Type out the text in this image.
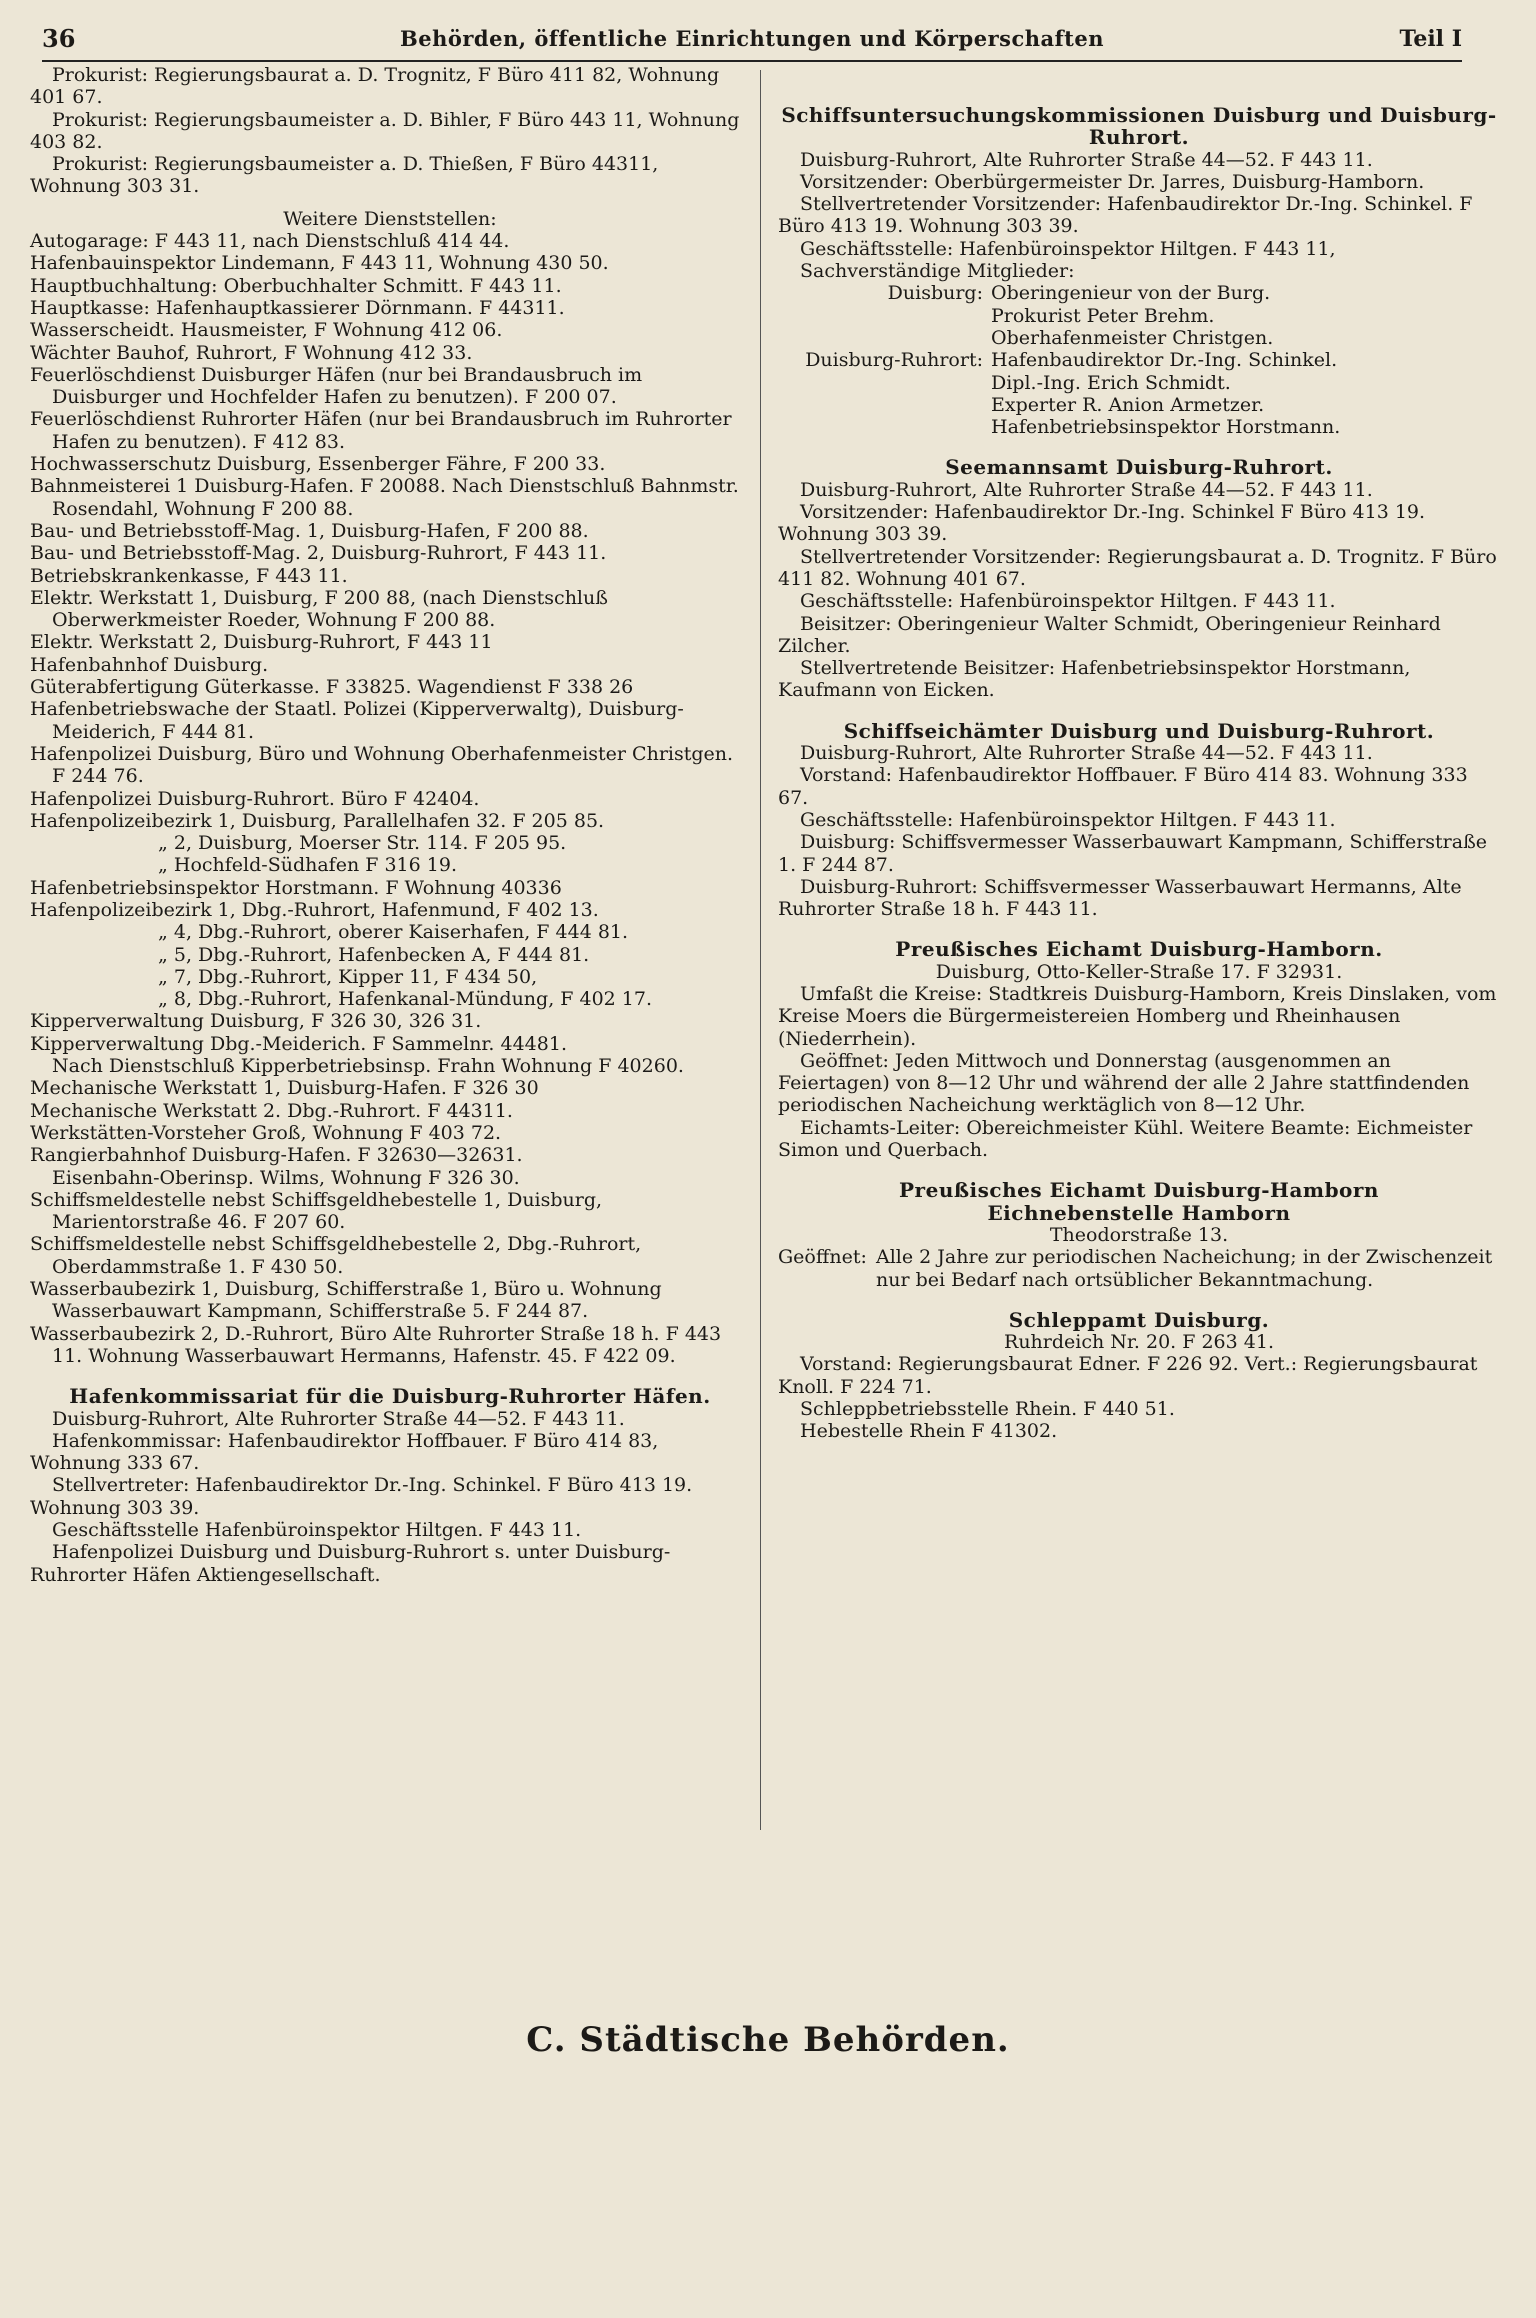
36	Behörden, öffentliche Einrichtungen und Körperschaften	Teil I

Prokurist: Regierungsbaurat a. D. Trognitz, F Büro 411 82, Wohnung 401 67.

Prokurist: Regierungsbaumeister a. D. Bihler, F Büro 443 11, Wohnung 403 82.

Prokurist: Regierungsbaumeister a. D. Thießen, F Büro 44311, Wohnung 303 31.

Weitere Dienststellen:

Autogarage: F 443 11, nach Dienstschluß 414 44.

Hafenbauinspektor Lindemann, F 443 11, Wohnung 430 50.

Hauptbuchhaltung: Oberbuchhalter Schmitt. F 443 11.

Hauptkasse: Hafenhauptkassierer Dörnmann. F 44311.

Wasserscheidt. Hausmeister, F Wohnung 412 06.

Wächter Bauhof, Ruhrort, F Wohnung 412 33.

Feuerlöschdienst Duisburger Häfen (nur bei Brandausbruch im Duisburger und Hochfelder Hafen zu benutzen). F 200 07.

Feuerlöschdienst Ruhrorter Häfen (nur bei Brandausbruch im Ruhrorter Hafen zu benutzen). F 412 83.

Hochwasserschutz Duisburg, Essenberger Fähre, F 200 33.

Bahnmeisterei 1 Duisburg-Hafen. F 20088. Nach Dienstschluß Bahnmstr. Rosendahl, Wohnung F 200 88.

Bau- und Betriebsstoff-Mag. 1, Duisburg-Hafen, F 200 88.

Bau- und Betriebsstoff-Mag. 2, Duisburg-Ruhrort, F 443 11.

Betriebskrankenkasse, F 443 11.

Elektr. Werkstatt 1, Duisburg, F 200 88, (nach Dienstschluß Oberwerkmeister Roeder, Wohnung F 200 88.

Elektr. Werkstatt 2, Duisburg-Ruhrort, F 443 11

Hafenbahnhof Duisburg.

Güterabfertigung Güterkasse. F 33825. Wagendienst F 338 26

Hafenbetriebswache der Staatl. Polizei (Kipperverwaltg), Duisburg-Meiderich, F 444 81.

Hafenpolizei Duisburg, Büro und Wohnung Oberhafenmeister Christgen. F 244 76.

Hafenpolizei Duisburg-Ruhrort. Büro F 42404.

Hafenpolizeibezirk 1, Duisburg, Parallelhafen 32. F 205 85.

„ 2, Duisburg, Moerser Str. 114. F 205 95.

„ Hochfeld-Südhafen F 316 19.

Hafenbetriebsinspektor Horstmann. F Wohnung 40336

Hafenpolizeibezirk 1, Dbg.-Ruhrort, Hafenmund, F 402 13.

„ 4, Dbg.-Ruhrort, oberer Kaiserhafen, F 444 81.

„ 5, Dbg.-Ruhrort, Hafenbecken A, F 444 81.

„ 7, Dbg.-Ruhrort, Kipper 11, F 434 50,

„ 8, Dbg.-Ruhrort, Hafenkanal-Mündung, F 402 17.

Kipperverwaltung Duisburg, F 326 30, 326 31.

Kipperverwaltung Dbg.-Meiderich. F Sammelnr. 44481.

Nach Dienstschluß Kipperbetriebsinsp. Frahn Wohnung F 40260.

Mechanische Werkstatt 1, Duisburg-Hafen. F 326 30

Mechanische Werkstatt 2. Dbg.-Ruhrort. F 44311.

Werkstätten-Vorsteher Groß, Wohnung F 403 72.

Rangierbahnhof Duisburg-Hafen. F 32630—32631.

Eisenbahn-Oberinsp. Wilms, Wohnung F 326 30.

Schiffsmeldestelle nebst Schiffsgeldhebestelle 1, Duisburg, Marientorstraße 46. F 207 60.

Schiffsmeldestelle nebst Schiffsgeldhebestelle 2, Dbg.-Ruhrort, Oberdammstraße 1. F 430 50.

Wasserbaubezirk 1, Duisburg, Schifferstraße 1, Büro u. Wohnung Wasserbauwart Kampmann, Schifferstraße 5. F 244 87.

Wasserbaubezirk 2, D.-Ruhrort, Büro Alte Ruhrorter Straße 18 h. F 443 11. Wohnung Wasserbauwart Hermanns, Hafenstr. 45. F 422 09.

Hafenkommissariat für die Duisburg-Ruhrorter Häfen.

Duisburg-Ruhrort, Alte Ruhrorter Straße 44—52. F 443 11.

Hafenkommissar: Hafenbaudirektor Hoffbauer. F Büro 414 83, Wohnung 333 67.

Stellvertreter: Hafenbaudirektor Dr.-Ing. Schinkel. F Büro 413 19. Wohnung 303 39.

Geschäftsstelle Hafenbüroinspektor Hiltgen. F 443 11.

Hafenpolizei Duisburg und Duisburg-Ruhrort s. unter Duisburg-Ruhrorter Häfen Aktiengesellschaft.

Schiffsuntersuchungskommissionen Duisburg und Duisburg-Ruhrort.

Duisburg-Ruhrort, Alte Ruhrorter Straße 44—52. F 443 11.

Vorsitzender: Oberbürgermeister Dr. Jarres, Duisburg-Hamborn.

Stellvertretender Vorsitzender: Hafenbaudirektor Dr.-Ing. Schinkel. F Büro 413 19. Wohnung 303 39.

Geschäftsstelle: Hafenbüroinspektor Hiltgen. F 443 11,

Sachverständige Mitglieder:

Duisburg: Oberingenieur von der Burg.

Prokurist Peter Brehm.

Oberhafenmeister Christgen.

Duisburg-Ruhrort: Hafenbaudirektor Dr.-Ing. Schinkel.

Dipl.-Ing. Erich Schmidt.

Experter R. Anion Armetzer.

Hafenbetriebsinspektor Horstmann.

Seemannsamt Duisburg-Ruhrort.

Duisburg-Ruhrort, Alte Ruhrorter Straße 44—52. F 443 11.

Vorsitzender: Hafenbaudirektor Dr.-Ing. Schinkel F Büro 413 19. Wohnung 303 39.

Stellvertretender Vorsitzender: Regierungsbaurat a. D. Trognitz. F Büro 411 82. Wohnung 401 67.

Geschäftsstelle: Hafenbüroinspektor Hiltgen. F 443 11.

Beisitzer: Oberingenieur Walter Schmidt, Oberingenieur Reinhard Zilcher.

Stellvertretende Beisitzer: Hafenbetriebsinspektor Horstmann, Kaufmann von Eicken.

Schiffseichämter Duisburg und Duisburg-Ruhrort.

Duisburg-Ruhrort, Alte Ruhrorter Straße 44—52. F 443 11.

Vorstand: Hafenbaudirektor Hoffbauer. F Büro 414 83. Wohnung 333 67.

Geschäftsstelle: Hafenbüroinspektor Hiltgen. F 443 11.

Duisburg: Schiffsvermesser Wasserbauwart Kampmann, Schifferstraße 1. F 244 87.

Duisburg-Ruhrort: Schiffsvermesser Wasserbauwart Hermanns, Alte Ruhrorter Straße 18 h. F 443 11.

Preußisches Eichamt Duisburg-Hamborn.

Duisburg, Otto-Keller-Straße 17. F 32931.

Umfaßt die Kreise: Stadtkreis Duisburg-Hamborn, Kreis Dinslaken, vom Kreise Moers die Bürgermeistereien Homberg und Rheinhausen (Niederrhein).

Geöffnet: Jeden Mittwoch und Donnerstag (ausgenommen an Feiertagen) von 8—12 Uhr und während der alle 2 Jahre stattfindenden periodischen Nacheichung werktäglich von 8—12 Uhr.

Eichamts-Leiter: Obereichmeister Kühl. Weitere Beamte: Eichmeister Simon und Querbach.

Preußisches Eichamt Duisburg-Hamborn

Eichnebenstelle Hamborn

Theodorstraße 13.

Geöffnet: Alle 2 Jahre zur periodischen Nacheichung; in der Zwischenzeit nur bei Bedarf nach ortsüblicher Bekanntmachung.

Schleppamt Duisburg.

Ruhrdeich Nr. 20. F 263 41.

Vorstand: Regierungsbaurat Edner. F 226 92. Vert.: Regierungsbaurat Knoll. F 224 71.

Schleppbetriebsstelle Rhein. F 440 51.

Hebestelle Rhein F 41302.

C. Städtische Behörden.
